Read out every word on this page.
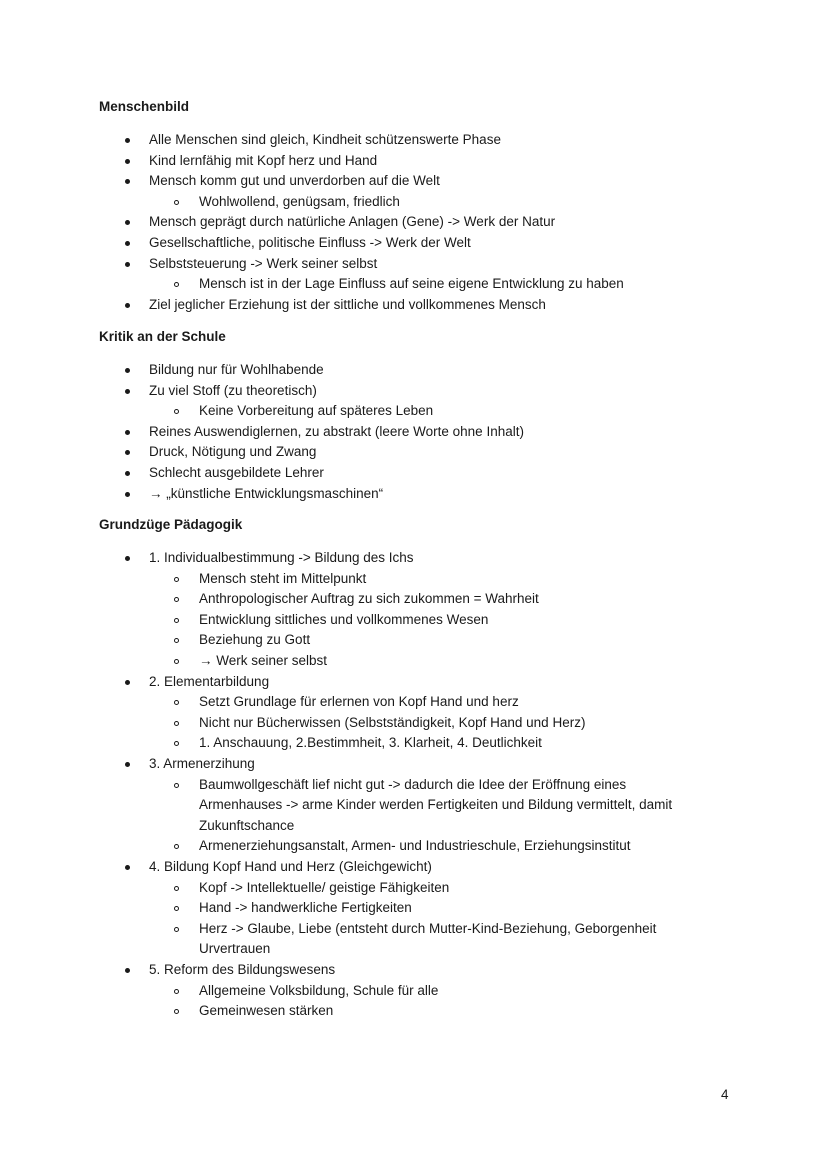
Menschenbild
Alle Menschen sind gleich, Kindheit schützenswerte Phase
Kind lernfähig mit Kopf herz und Hand
Mensch komm gut und unverdorben auf die Welt
Wohlwollend, genügsam, friedlich
Mensch geprägt durch natürliche Anlagen (Gene) -> Werk der Natur
Gesellschaftliche, politische Einfluss -> Werk der Welt
Selbststeuerung -> Werk seiner selbst
Mensch ist in der Lage Einfluss auf seine eigene Entwicklung zu haben
Ziel jeglicher Erziehung ist der sittliche und vollkommenes Mensch
Kritik an der Schule
Bildung nur für Wohlhabende
Zu viel Stoff (zu theoretisch)
Keine Vorbereitung auf späteres Leben
Reines Auswendiglernen, zu abstrakt (leere Worte ohne Inhalt)
Druck, Nötigung und Zwang
Schlecht ausgebildete Lehrer
→ „künstliche Entwicklungsmaschinen“
Grundzüge Pädagogik
1. Individualbestimmung -> Bildung des Ichs
Mensch steht im Mittelpunkt
Anthropologischer Auftrag zu sich zukommen = Wahrheit
Entwicklung sittliches und vollkommenes Wesen
Beziehung zu Gott
→ Werk seiner selbst
2. Elementarbildung
Setzt Grundlage für erlernen von Kopf Hand und herz
Nicht nur Bücherwissen (Selbstständigkeit, Kopf Hand und Herz)
1. Anschauung, 2.Bestimmheit, 3. Klarheit, 4. Deutlichkeit
3. Armenerzihung
Baumwollgeschäft lief nicht gut -> dadurch die Idee der Eröffnung eines
Armenhauses -> arme Kinder werden Fertigkeiten und Bildung vermittelt, damit
Zukunftschance
Armenerziehungsanstalt, Armen- und Industrieschule, Erziehungsinstitut
4. Bildung Kopf Hand und Herz (Gleichgewicht)
Kopf -> Intellektuelle/ geistige Fähigkeiten
Hand -> handwerkliche Fertigkeiten
Herz -> Glaube, Liebe (entsteht durch Mutter-Kind-Beziehung, Geborgenheit
Urvertrauen
5. Reform des Bildungswesens
Allgemeine Volksbildung, Schule für alle
Gemeinwesen stärken
4
